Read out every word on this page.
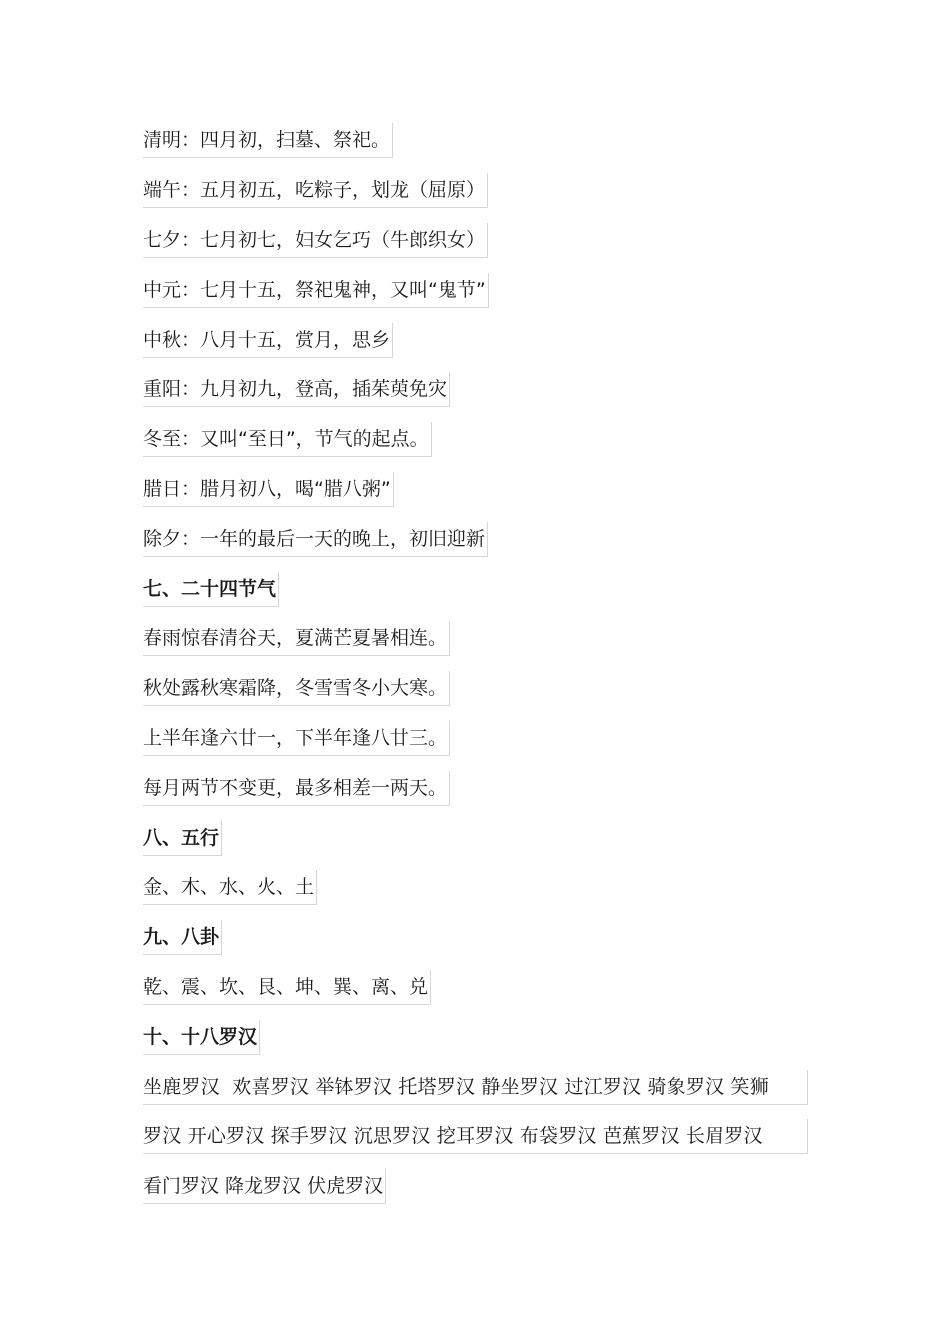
清明：四月初，扫墓、祭祀。
端午：五月初五，吃粽子，划龙（屈原）
七夕：七月初七，妇女乞巧（牛郎织女）
中元：七月十五，祭祀鬼神，又叫“鬼节”
中秋：八月十五，赏月，思乡
重阳：九月初九，登高，插茱萸免灾
冬至：又叫“至日”，节气的起点。
腊日：腊月初八，喝“腊八粥”
除夕：一年的最后一天的晚上，初旧迎新
七、二十四节气
春雨惊春清谷天，夏满芒夏暑相连。
秋处露秋寒霜降，冬雪雪冬小大寒。
上半年逢六廿一，下半年逢八廿三。
每月两节不变更，最多相差一两天。
八、五行
金、木、水、火、土
九、八卦
乾、震、坎、艮、坤、巽、离、兑
十、十八罗汉
坐鹿罗汉  欢喜罗汉 举钵罗汉 托塔罗汉 静坐罗汉 过江罗汉 骑象罗汉 笑狮
罗汉 开心罗汉 探手罗汉 沉思罗汉 挖耳罗汉 布袋罗汉 芭蕉罗汉 长眉罗汉
看门罗汉 降龙罗汉 伏虎罗汉
